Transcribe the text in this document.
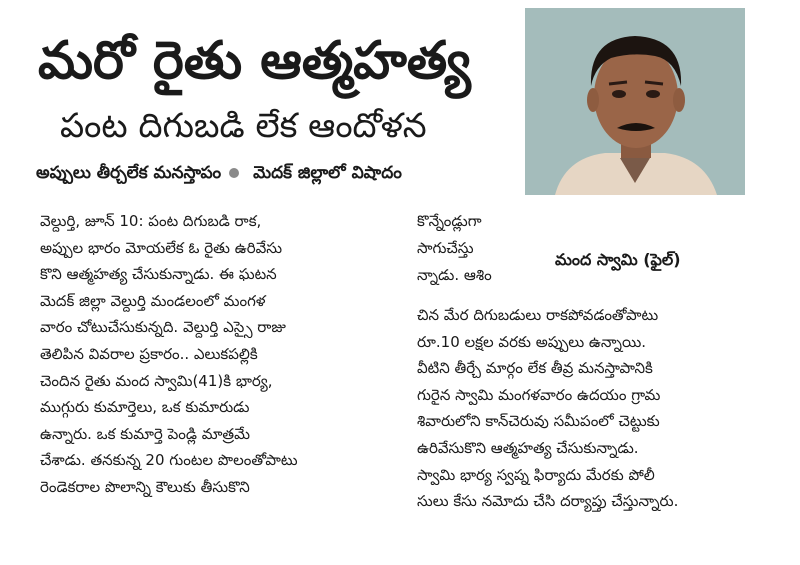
మరో రైతు ఆత్మహత్య
పంట దిగుబడి లేక ఆందోళన
అప్పులు తీర్చలేక మనస్తాపం మెదక్ జిల్లాలో విషాదం
వెల్దుర్తి, జూన్ 10: పంట దిగుబడి రాక,
అప్పుల భారం మోయలేక ఓ రైతు ఉరివేసు
కొని ఆత్మహత్య చేసుకున్నాడు. ఈ ఘటన
మెదక్ జిల్లా వెల్దుర్తి మండలంలో మంగళ
వారం చోటుచేసుకున్నది. వెల్దుర్తి ఎస్సై రాజు
తెలిపిన వివరాల ప్రకారం.. ఎలుకపల్లికి
చెందిన రైతు మంద స్వామి(41)కి భార్య,
ముగ్గురు కుమార్తెలు, ఒక కుమారుడు
ఉన్నారు. ఒక కుమార్తె పెండ్లి మాత్రమే
చేశాడు. తనకున్న 20 గుంటల పొలంతోపాటు
రెండెకరాల పొలాన్ని కౌలుకు తీసుకొని
కొన్నేండ్లుగా
సాగుచేస్తు
న్నాడు. ఆశిం
మంద స్వామి (ఫైల్)
చిన మేర దిగుబడులు రాకపోవడంతోపాటు
రూ.10 లక్షల వరకు అప్పులు ఉన్నాయి.
వీటిని తీర్చే మార్గం లేక తీవ్ర మనస్తాపానికి
గురైన స్వామి మంగళవారం ఉదయం గ్రామ
శివారులోని కాన్‌చెరువు సమీపంలో చెట్టుకు
ఉరివేసుకొని ఆత్మహత్య చేసుకున్నాడు.
స్వామి భార్య స్వప్న ఫిర్యాదు మేరకు పోలీ
సులు కేసు నమోదు చేసి దర్యాప్తు చేస్తున్నారు.
